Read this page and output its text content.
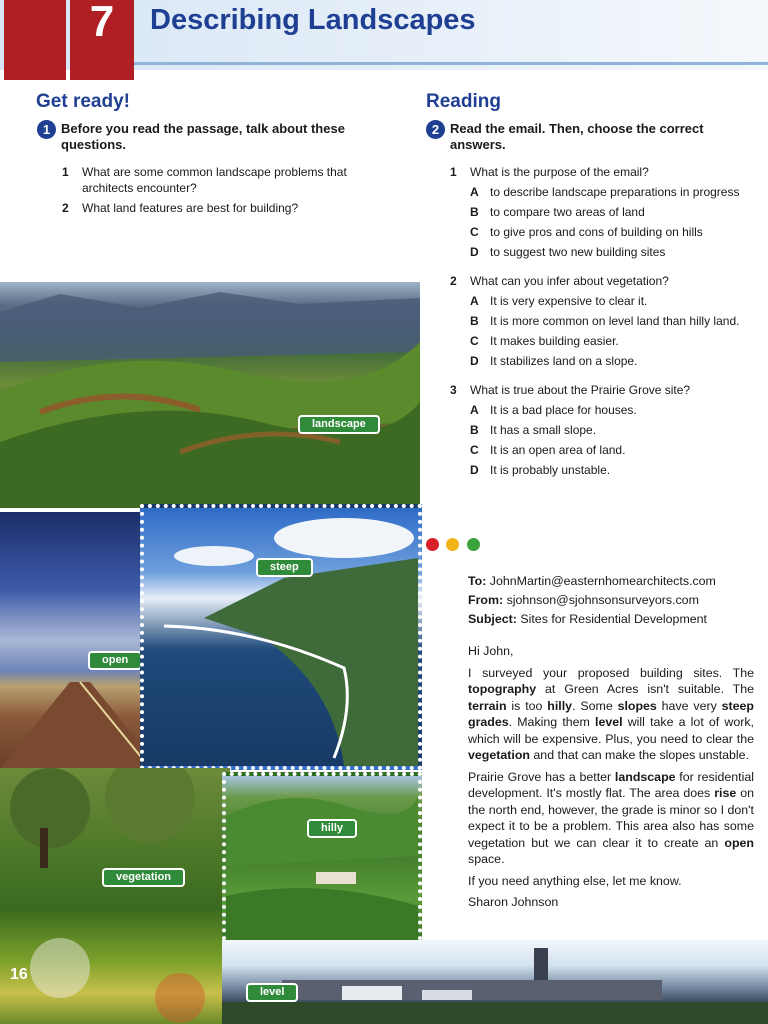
7 Describing Landscapes
Get ready!
1 Before you read the passage, talk about these questions.
1 What are some common landscape problems that architects encounter?
2 What land features are best for building?
Reading
2 Read the email. Then, choose the correct answers.
1 What is the purpose of the email?
A to describe landscape preparations in progress
B to compare two areas of land
C to give pros and cons of building on hills
D to suggest two new building sites
2 What can you infer about vegetation?
A It is very expensive to clear it.
B It is more common on level land than hilly land.
C It makes building easier.
D It stabilizes land on a slope.
3 What is true about the Prairie Grove site?
A It is a bad place for houses.
B It has a small slope.
C It is an open area of land.
D It is probably unstable.
landscape
open
steep
vegetation
hilly
level
16

To: JohnMartin@easternhomearchitects.com
From: sjohnson@sjohnsonsurveyors.com
Subject: Sites for Residential Development

Hi John,

I surveyed your proposed building sites. The topography at Green Acres isn't suitable. The terrain is too hilly. Some slopes have very steep grades. Making them level will take a lot of work, which will be expensive. Plus, you need to clear the vegetation and that can make the slopes unstable.

Prairie Grove has a better landscape for residential development. It's mostly flat. The area does rise on the north end, however, the grade is minor so I don't expect it to be a problem. This area also has some vegetation but we can clear it to create an open space.

If you need anything else, let me know.

Sharon Johnson
